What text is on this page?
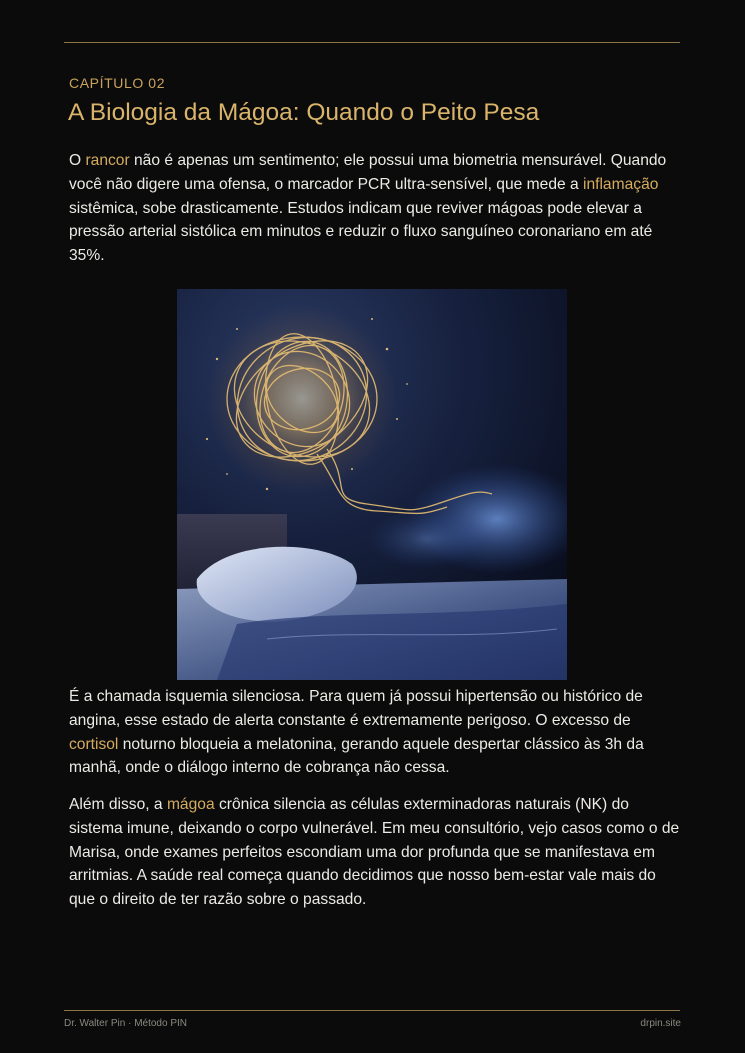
CAPÍTULO 02
A Biologia da Mágoa: Quando o Peito Pesa

O rancor não é apenas um sentimento; ele possui uma biometria mensurável. Quando você não digere uma ofensa, o marcador PCR ultra-sensível, que mede a inflamação sistêmica, sobe drasticamente. Estudos indicam que reviver mágoas pode elevar a pressão arterial sistólica em minutos e reduzir o fluxo sanguíneo coronariano em até 35%.

É a chamada isquemia silenciosa. Para quem já possui hipertensão ou histórico de angina, esse estado de alerta constante é extremamente perigoso. O excesso de cortisol noturno bloqueia a melatonina, gerando aquele despertar clássico às 3h da manhã, onde o diálogo interno de cobrança não cessa.

Além disso, a mágoa crônica silencia as células exterminadoras naturais (NK) do sistema imune, deixando o corpo vulnerável. Em meu consultório, vejo casos como o de Marisa, onde exames perfeitos escondiam uma dor profunda que se manifestava em arritmias. A saúde real começa quando decidimos que nosso bem-estar vale mais do que o direito de ter razão sobre o passado.

Dr. Walter Pin · Método PIN	drpin.site
